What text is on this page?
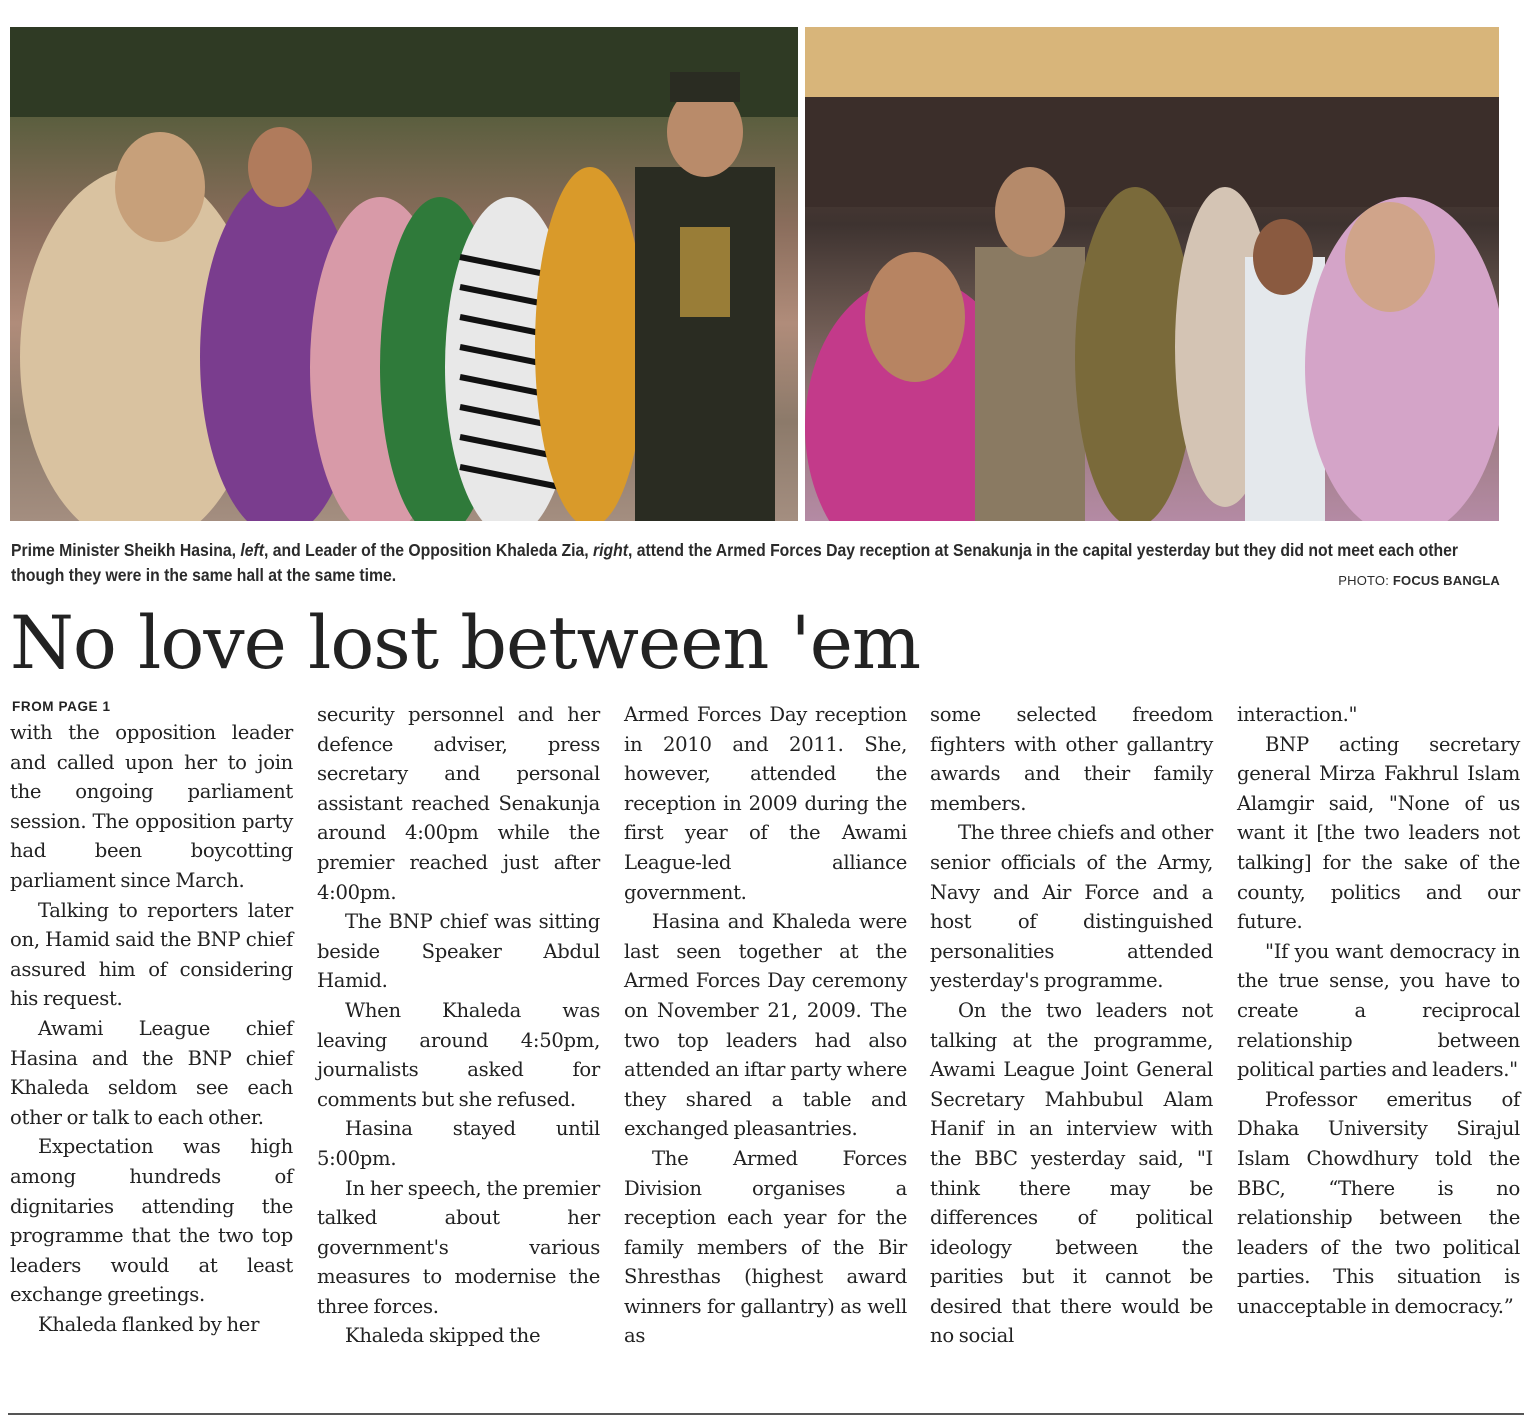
Prime Minister Sheikh Hasina, left, and Leader of the Opposition Khaleda Zia, right, attend the Armed Forces Day reception at Senakunja in the capital yesterday but they did not meet each other though they were in the same hall at the same time.	PHOTO: FOCUS BANGLA
No love lost between 'em
FROM PAGE 1

with the opposition leader and called upon her to join the ongoing parliament session. The opposition party had been boycotting parliament since March.

Talking to reporters later on, Hamid said the BNP chief assured him of considering his request.

Awami League chief Hasina and the BNP chief Khaleda seldom see each other or talk to each other.

Expectation was high among hundreds of dignitaries attending the programme that the two top leaders would at least exchange greetings.

Khaleda flanked by her

security personnel and her defence adviser, press secretary and personal assistant reached Senakunja around 4:00pm while the premier reached just after 4:00pm.

The BNP chief was sitting beside Speaker Abdul Hamid.

When Khaleda was leaving around 4:50pm, journalists asked for comments but she refused.

Hasina stayed until 5:00pm.

In her speech, the premier talked about her government's various measures to modernise the three forces.

Khaleda skipped the

Armed Forces Day reception in 2010 and 2011. She, however, attended the reception in 2009 during the first year of the Awami League-led alliance government.

Hasina and Khaleda were last seen together at the Armed Forces Day ceremony on November 21, 2009. The two top leaders had also attended an iftar party where they shared a table and exchanged pleasantries.

The Armed Forces Division organises a reception each year for the family members of the Bir Shresthas (highest award winners for gallantry) as well as

some selected freedom fighters with other gallantry awards and their family members.

The three chiefs and other senior officials of the Army, Navy and Air Force and a host of distinguished personalities attended yesterday's programme.

On the two leaders not talking at the programme, Awami League Joint General Secretary Mahbubul Alam Hanif in an interview with the BBC yesterday said, "I think there may be differences of political ideology between the parities but it cannot be desired that there would be no social

interaction."

BNP acting secretary general Mirza Fakhrul Islam Alamgir said, "None of us want it [the two leaders not talking] for the sake of the county, politics and our future.

"If you want democracy in the true sense, you have to create a reciprocal relationship between political parties and leaders."

Professor emeritus of Dhaka University Sirajul Islam Chowdhury told the BBC, “There is no relationship between the leaders of the two political parties. This situation is unacceptable in democracy.”
